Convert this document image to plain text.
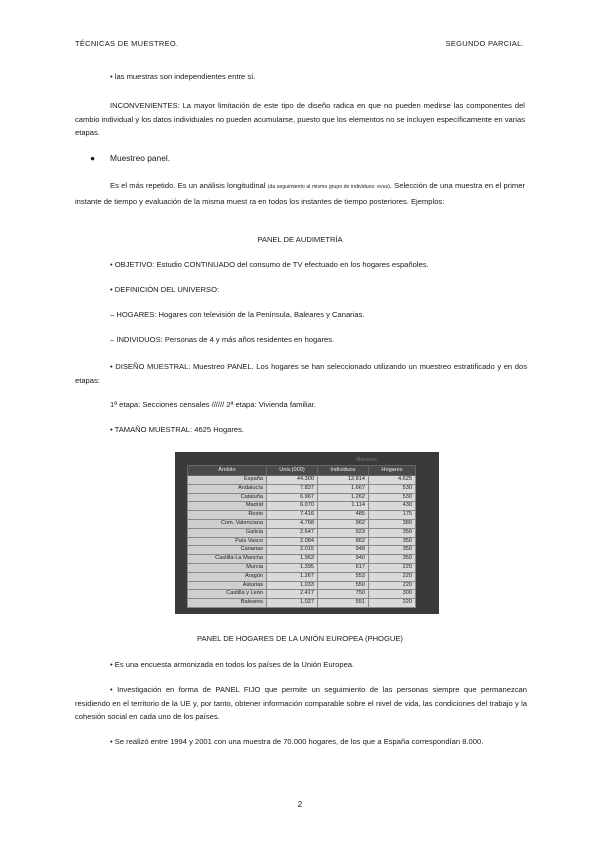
TÉCNICAS DE MUESTREO.	SEGUNDO PARCIAL.
• las muestras son independientes entre sí.
INCONVENIENTES: La mayor limitación de este tipo de diseño radica en que no pueden medirse las componentes del cambio individual y los datos individuales no pueden acumularse, puesto que los elementos no se incluyen específicamente en varias etapas.
● Muestreo panel.
Es el más repetido. Es un análisis longitudinal (da seguimiento al mismo grupo de individuos: evus). Selección de una muestra en el primer instante de tiempo y evaluación de la misma muest ra en todos los instantes de tiempo posteriores. Ejemplos:
PANEL DE AUDIMETRÍA
• OBJETIVO: Estudio CONTINUADO del consumo de TV efectuado en los hogares españoles.
• DEFINICIÓN DEL UNIVERSO:
– HOGARES: Hogares con televisión de la Península, Baleares y Canarias.
– INDIVIDUOS: Personas de 4 y más años residentes en hogares.
• DISEÑO MUESTRAL: Muestreo PANEL. Los hogares se han seleccionado utilizando un muestreo estratificado y en dos etapas:
1ª etapa: Secciones censales ////// 2ª etapa: Vivienda familiar.
• TAMAÑO MUESTRAL: 4625 Hogares.
		Muestras	
Ámbito	Univ.(000)	Individuos	Hogares
España	44.300	12.814	4.625
Andalucía	7.837	1.667	530
Cataluña	6.967	1.262	530
Madrid	6.070	1.114	430
Resto	7.416	485	175
Com. Valenciana	4.768	962	380
Galicia	2.647	923	350
País Vasco	2.084	862	350
Canarias	2.015	948	350
Castilla-La Mancha	1.963	940	350
Murcia	1.395	617	220
Aragón	1.267	553	220
Asturias	1.033	550	220
Castilla y León	2.417	750	300
Baleares	1.027	551	220
PANEL DE HOGARES DE LA UNIÓN EUROPEA (PHOGUE)
• Es una encuesta armonizada en todos los países de la Unión Europea.
• Investigación en forma de PANEL FIJO que permite un seguimiento de las personas siempre que permanezcan residiendo en el territorio de la UE y, por tanto, obtener información comparable sobre el nivel de vida, las condiciones del trabajo y la cohesión social en cada uno de los países.
• Se realizó entre 1994 y 2001 con una muestra de 70.000 hogares, de los que a España correspondían 8.000.
2
